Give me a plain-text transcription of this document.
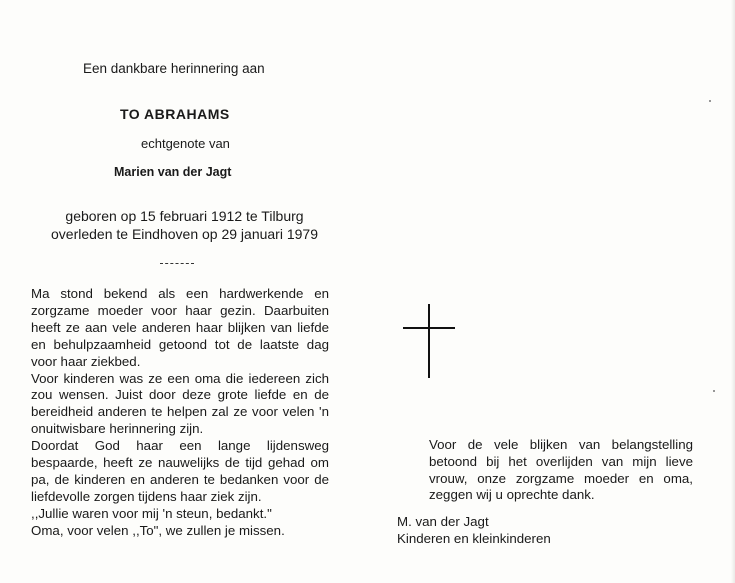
Een dankbare herinnering aan
TO ABRAHAMS
echtgenote van
Marien van der Jagt
geboren op 15 februari 1912 te Tilburg
overleden te Eindhoven op 29 januari 1979

Ma stond bekend als een hardwerkende en zorgzame moeder voor haar gezin. Daarbuiten heeft ze aan vele anderen haar blijken van liefde en behulpzaamheid getoond tot de laatste dag voor haar ziekbed.

Voor kinderen was ze een oma die iedereen zich zou wensen. Juist door deze grote liefde en de bereidheid anderen te helpen zal ze voor velen 'n onuitwisbare herinnering zijn.

Doordat God haar een lange lijdensweg bespaarde, heeft ze nauwelijks de tijd gehad om pa, de kinderen en anderen te bedanken voor de liefdevolle zorgen tijdens haar ziek zijn.

,,Jullie waren voor mij 'n steun, bedankt."

Oma, voor velen ,,To", we zullen je missen.

Voor de vele blijken van belangstelling betoond bij het overlijden van mijn lieve vrouw, onze zorgzame moeder en oma, zeggen wij u oprechte dank.
M. van der Jagt
Kinderen en kleinkinderen
